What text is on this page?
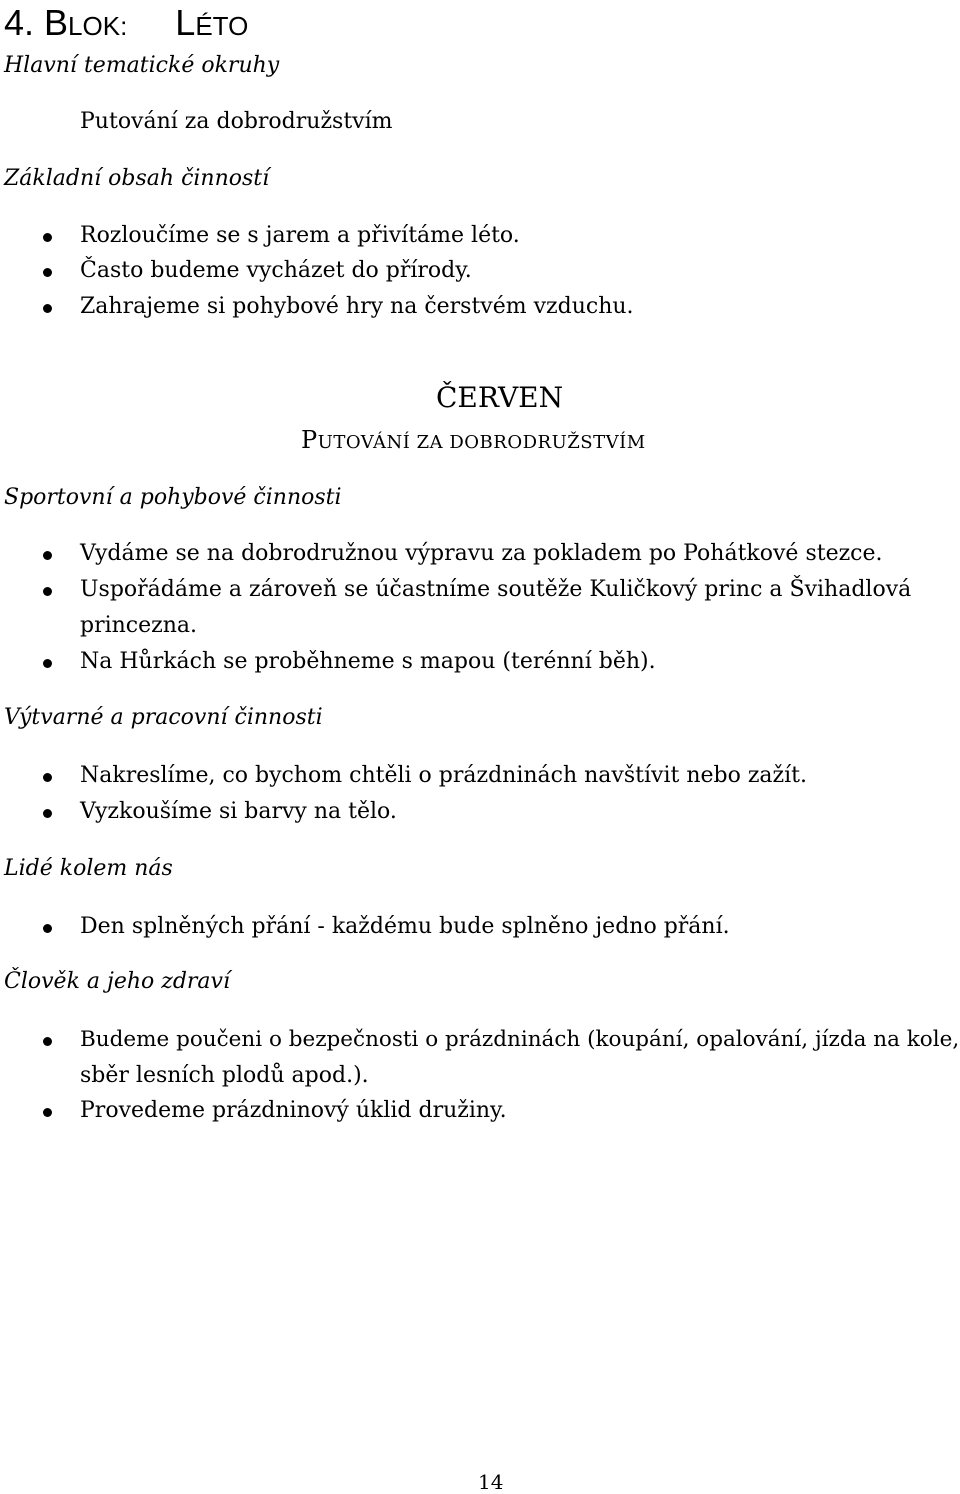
4. BLOK: LÉTO
Hlavní tematické okruhy
Putování za dobrodružstvím
Základní obsah činností
Rozloučíme se s jarem a přivítáme léto.
Často budeme vycházet do přírody.
Zahrajeme si pohybové hry na čerstvém vzduchu.
ČERVEN
PUTOVÁNÍ ZA DOBRODRUŽSTVÍM
Sportovní a pohybové činnosti
Vydáme se na dobrodružnou výpravu za pokladem po Pohátkové stezce.
Uspořádáme a zároveň se účastníme soutěže Kuličkový princ a Švihadlová
princezna.
Na Hůrkách se proběhneme s mapou (terénní běh).
Výtvarné a pracovní činnosti
Nakreslíme, co bychom chtěli o prázdninách navštívit nebo zažít.
Vyzkoušíme si barvy na tělo.
Lidé kolem nás
Den splněných přání - každému bude splněno jedno přání.
Člověk a jeho zdraví
Budeme poučeni o bezpečnosti o prázdninách (koupání, opalování, jízda na kole,
sběr lesních plodů apod.).
Provedeme prázdninový úklid družiny.
14
